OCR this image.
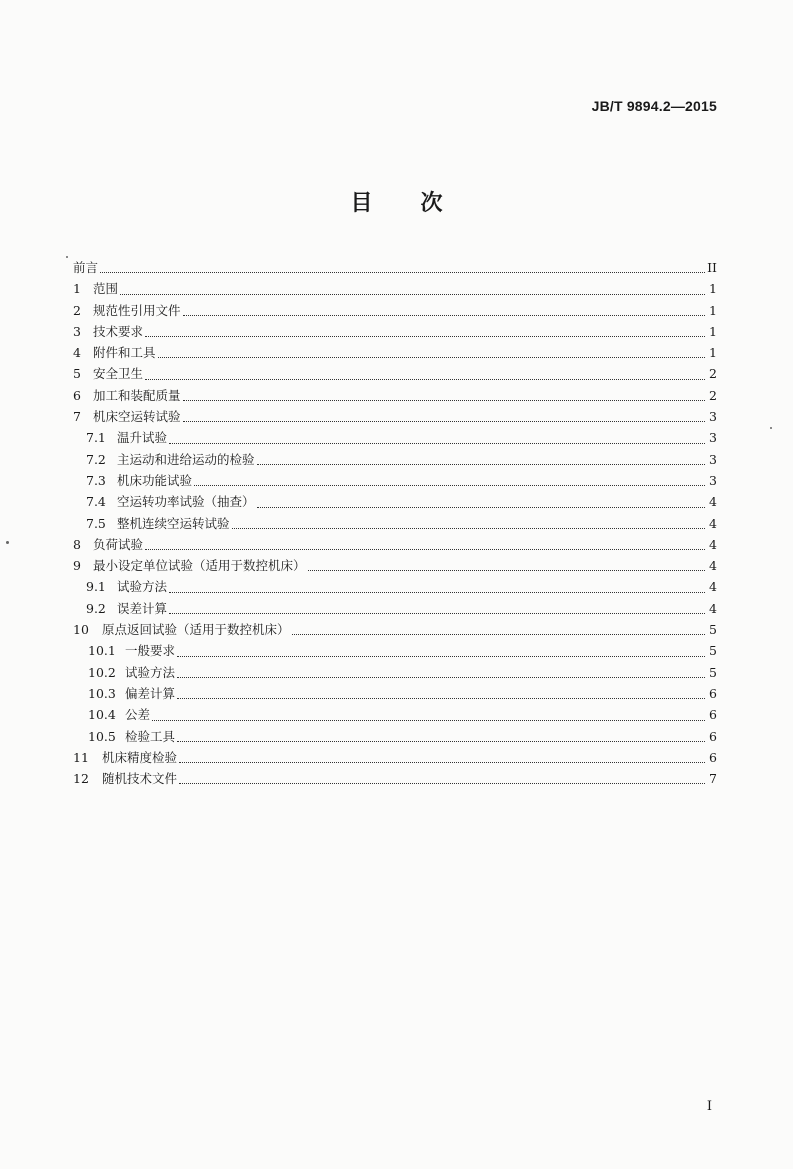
JB/T 9894.2—2015
目 次
前言	II
1 范围	1
2 规范性引用文件	1
3 技术要求	1
4 附件和工具	1
5 安全卫生	2
6 加工和装配质量	2
7 机床空运转试验	3
7.1 温升试验	3
7.2 主运动和进给运动的检验	3
7.3 机床功能试验	3
7.4 空运转功率试验（抽查）	4
7.5 整机连续空运转试验	4
8 负荷试验	4
9 最小设定单位试验（适用于数控机床）	4
9.1 试验方法	4
9.2 误差计算	4
10	原点返回试验（适用于数控机床）	5
10.1 一般要求	5
10.2 试验方法	5
10.3 偏差计算	6
10.4 公差	6
10.5 检验工具	6
11	机床精度检验	6
12	随机技术文件	7
I
